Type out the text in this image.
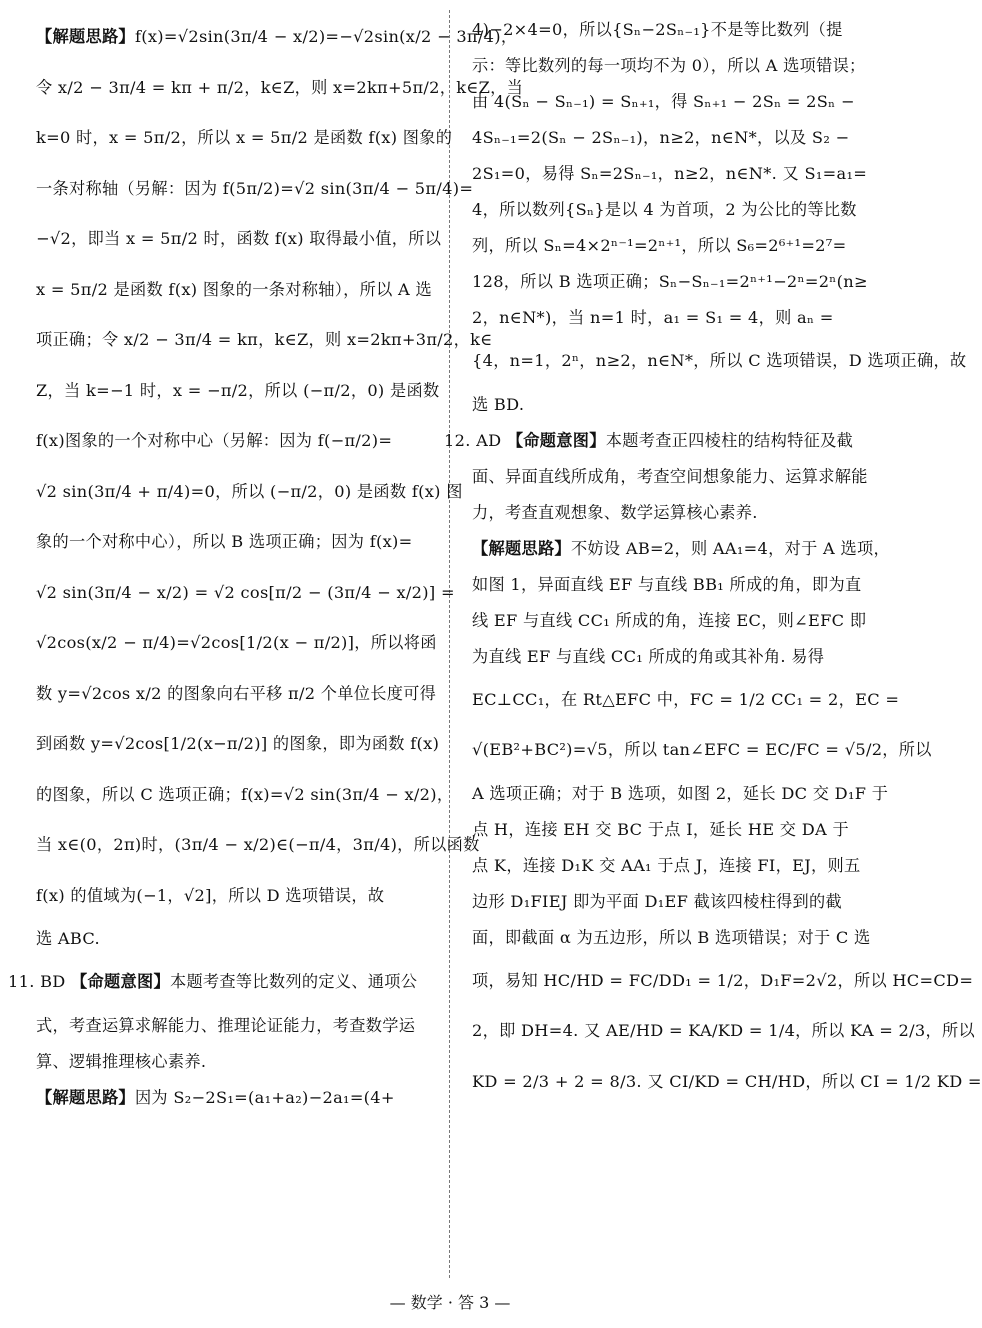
【解题思路】f(x)=√2sin(3π/4 − x/2)=−√2sin(x/2 − 3π/4)，
令 x/2 − 3π/4 = kπ + π/2，k∈Z，则 x=2kπ+5π/2，k∈Z，当
k=0 时，x = 5π/2，所以 x = 5π/2 是函数 f(x) 图象的
一条对称轴（另解：因为 f(5π/2)=√2 sin(3π/4 − 5π/4)=
−√2，即当 x = 5π/2 时，函数 f(x) 取得最小值，所以
x = 5π/2 是函数 f(x) 图象的一条对称轴），所以 A 选
项正确；令 x/2 − 3π/4 = kπ，k∈Z，则 x=2kπ+3π/2，k∈
Z，当 k=−1 时，x = −π/2，所以 (−π/2，0) 是函数
f(x)图象的一个对称中心（另解：因为 f(−π/2)=
√2 sin(3π/4 + π/4)=0，所以 (−π/2，0) 是函数 f(x) 图
象的一个对称中心），所以 B 选项正确；因为 f(x)=
√2 sin(3π/4 − x/2) = √2 cos[π/2 − (3π/4 − x/2)] =
√2cos(x/2 − π/4)=√2cos[1/2(x − π/2)]，所以将函
数 y=√2cos x/2 的图象向右平移 π/2 个单位长度可得
到函数 y=√2cos[1/2(x−π/2)] 的图象，即为函数 f(x)
的图象，所以 C 选项正确；f(x)=√2 sin(3π/4 − x/2)，
当 x∈(0，2π)时，(3π/4 − x/2)∈(−π/4，3π/4)，所以函数
f(x) 的值域为(−1，√2]，所以 D 选项错误，故
选 ABC.
11. BD 【命题意图】本题考查等比数列的定义、通项公
式，考查运算求解能力、推理论证能力，考查数学运
算、逻辑推理核心素养.
【解题思路】因为 S₂−2S₁=(a₁+a₂)−2a₁=(4+
4)−2×4=0，所以{Sₙ−2Sₙ₋₁}不是等比数列（提
示：等比数列的每一项均不为 0），所以 A 选项错误；
由 4(Sₙ − Sₙ₋₁) = Sₙ₊₁，得 Sₙ₊₁ − 2Sₙ = 2Sₙ −
4Sₙ₋₁=2(Sₙ − 2Sₙ₋₁)，n≥2，n∈N*，以及 S₂ −
2S₁=0，易得 Sₙ=2Sₙ₋₁，n≥2，n∈N*. 又 S₁=a₁=
4，所以数列{Sₙ}是以 4 为首项，2 为公比的等比数
列，所以 Sₙ=4×2ⁿ⁻¹=2ⁿ⁺¹，所以 S₆=2⁶⁺¹=2⁷=
128，所以 B 选项正确；Sₙ−Sₙ₋₁=2ⁿ⁺¹−2ⁿ=2ⁿ(n≥
2，n∈N*)，当 n=1 时，a₁ = S₁ = 4，则 aₙ =
{4，n=1，2ⁿ，n≥2，n∈N*，所以 C 选项错误，D 选项正确，故
选 BD.
12. AD 【命题意图】本题考查正四棱柱的结构特征及截
面、异面直线所成角，考查空间想象能力、运算求解能
力，考查直观想象、数学运算核心素养.
【解题思路】不妨设 AB=2，则 AA₁=4，对于 A 选项，
如图 1，异面直线 EF 与直线 BB₁ 所成的角，即为直
线 EF 与直线 CC₁ 所成的角，连接 EC，则∠EFC 即
为直线 EF 与直线 CC₁ 所成的角或其补角. 易得
EC⊥CC₁，在 Rt△EFC 中，FC = 1/2 CC₁ = 2，EC =
√(EB²+BC²)=√5，所以 tan∠EFC = EC/FC = √5/2，所以
A 选项正确；对于 B 选项，如图 2，延长 DC 交 D₁F 于
点 H，连接 EH 交 BC 于点 I，延长 HE 交 DA 于
点 K，连接 D₁K 交 AA₁ 于点 J，连接 FI，EJ，则五
边形 D₁FIEJ 即为平面 D₁EF 截该四棱柱得到的截
面，即截面 α 为五边形，所以 B 选项错误；对于 C 选
项，易知 HC/HD = FC/DD₁ = 1/2，D₁F=2√2，所以 HC=CD=
2，即 DH=4. 又 AE/HD = KA/KD = 1/4，所以 KA = 2/3，所以
KD = 2/3 + 2 = 8/3. 又 CI/KD = CH/HD，所以 CI = 1/2 KD =
— 数学 · 答 3 —
